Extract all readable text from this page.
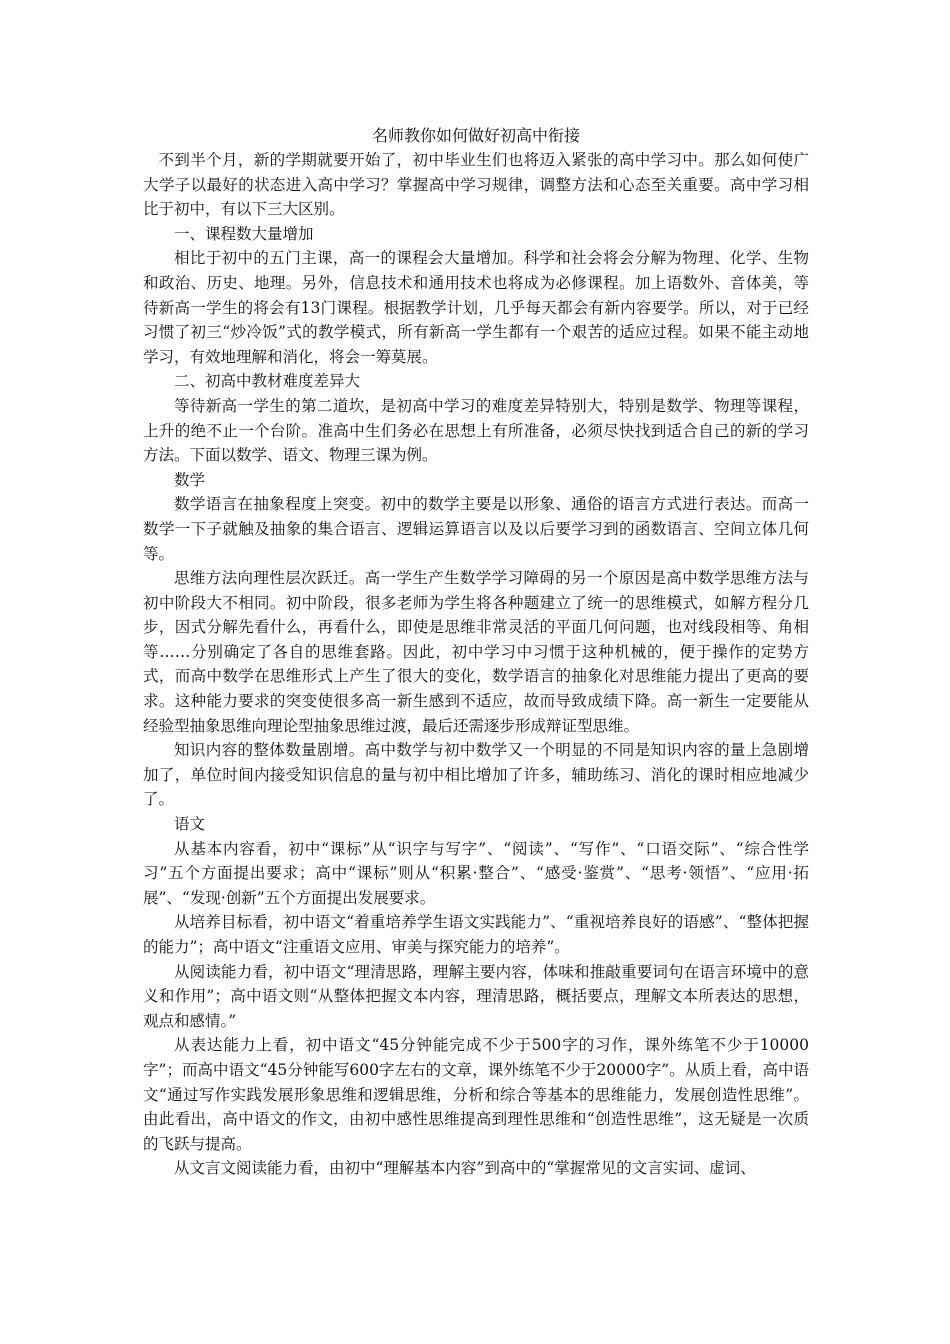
名师教你如何做好初高中衔接

不到半个月，新的学期就要开始了，初中毕业生们也将迈入紧张的高中学习中。那么如何使广大学子以最好的状态进入高中学习？掌握高中学习规律，调整方法和心态至关重要。高中学习相比于初中，有以下三大区别。

一、课程数大量增加

相比于初中的五门主课，高一的课程会大量增加。科学和社会将会分解为物理、化学、生物和政治、历史、地理。另外，信息技术和通用技术也将成为必修课程。加上语数外、音体美，等待新高一学生的将会有13门课程。根据教学计划，几乎每天都会有新内容要学。所以，对于已经习惯了初三“炒冷饭”式的教学模式，所有新高一学生都有一个艰苦的适应过程。如果不能主动地学习，有效地理解和消化，将会一筹莫展。

二、初高中教材难度差异大

等待新高一学生的第二道坎，是初高中学习的难度差异特别大，特别是数学、物理等课程，上升的绝不止一个台阶。准高中生们务必在思想上有所准备，必须尽快找到适合自己的新的学习方法。下面以数学、语文、物理三课为例。

数学

数学语言在抽象程度上突变。初中的数学主要是以形象、通俗的语言方式进行表达。而高一数学一下子就触及抽象的集合语言、逻辑运算语言以及以后要学习到的函数语言、空间立体几何等。

思维方法向理性层次跃迁。高一学生产生数学学习障碍的另一个原因是高中数学思维方法与初中阶段大不相同。初中阶段，很多老师为学生将各种题建立了统一的思维模式，如解方程分几步，因式分解先看什么，再看什么，即使是思维非常灵活的平面几何问题，也对线段相等、角相等……分别确定了各自的思维套路。因此，初中学习中习惯于这种机械的，便于操作的定势方式，而高中数学在思维形式上产生了很大的变化，数学语言的抽象化对思维能力提出了更高的要求。这种能力要求的突变使很多高一新生感到不适应，故而导致成绩下降。高一新生一定要能从经验型抽象思维向理论型抽象思维过渡，最后还需逐步形成辩证型思维。

知识内容的整体数量剧增。高中数学与初中数学又一个明显的不同是知识内容的量上急剧增加了，单位时间内接受知识信息的量与初中相比增加了许多，辅助练习、消化的课时相应地减少了。

语文

从基本内容看，初中“课标”从“识字与写字”、“阅读”、“写作”、“口语交际”、“综合性学习”五个方面提出要求；高中“课标”则从“积累·整合”、“感受·鉴赏”、“思考·领悟”、“应用·拓展”、“发现·创新”五个方面提出发展要求。

从培养目标看，初中语文“着重培养学生语文实践能力”、“重视培养良好的语感”、“整体把握的能力”；高中语文“注重语文应用、审美与探究能力的培养”。

从阅读能力看，初中语文“理清思路，理解主要内容，体味和推敲重要词句在语言环境中的意义和作用”；高中语文则“从整体把握文本内容，理清思路，概括要点，理解文本所表达的思想，观点和感情。”

从表达能力上看，初中语文“45分钟能完成不少于500字的习作，课外练笔不少于10000字”；而高中语文“45分钟能写600字左右的文章，课外练笔不少于20000字”。从质上看，高中语文“通过写作实践发展形象思维和逻辑思维，分析和综合等基本的思维能力，发展创造性思维”。由此看出，高中语文的作文，由初中感性思维提高到理性思维和“创造性思维”，这无疑是一次质的飞跃与提高。

从文言文阅读能力看，由初中“理解基本内容”到高中的“掌握常见的文言实词、虚词、
